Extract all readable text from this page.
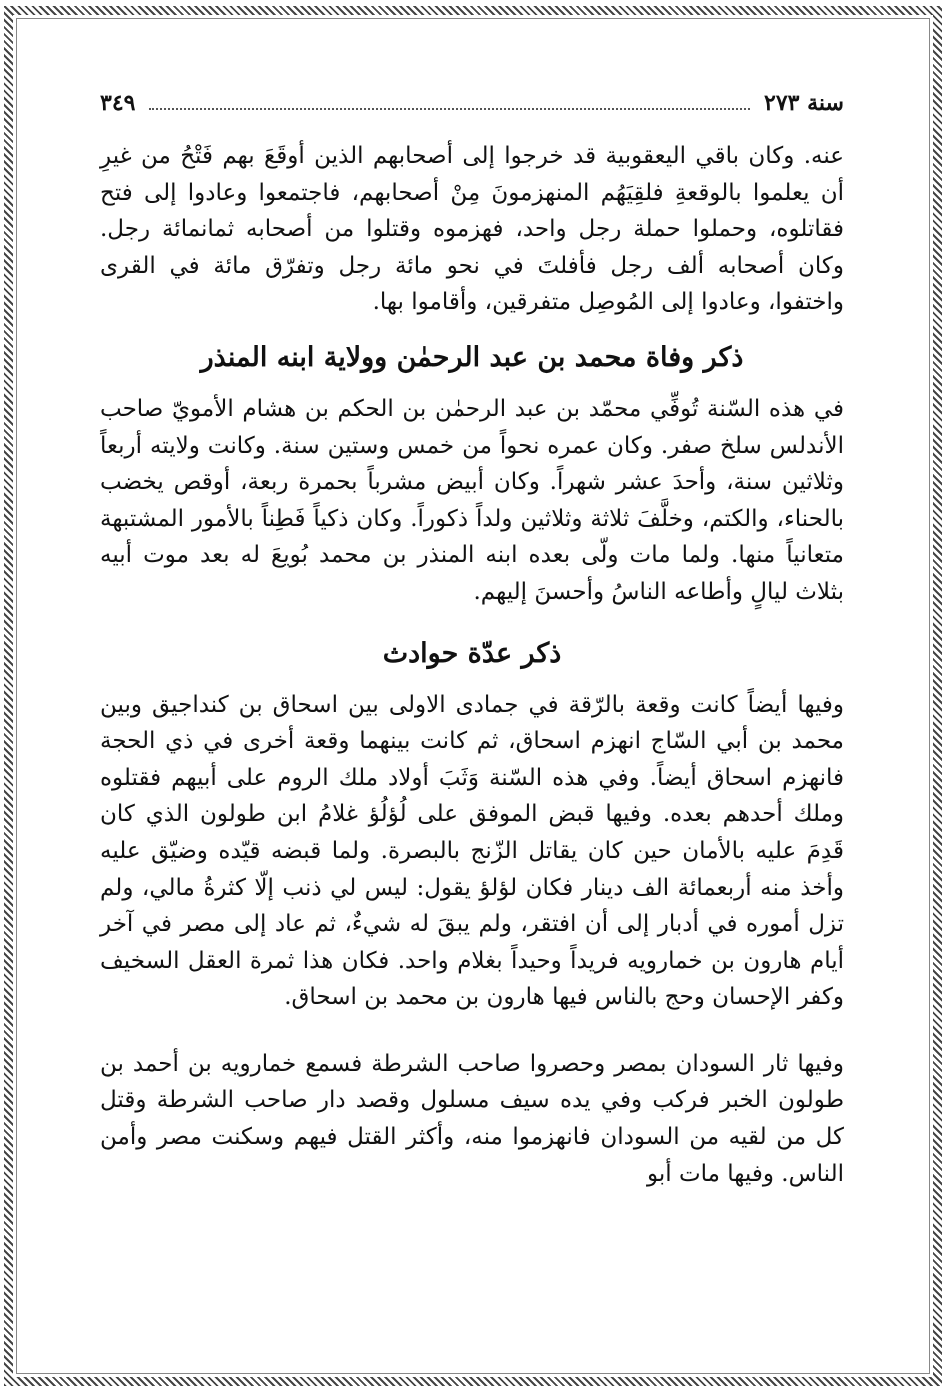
سنة ٢٧٣
٣٤٩

عنه. وكان باقي اليعقوبية قد خرجوا إلى أصحابهم الذين أوقَعَ بهم فَتْحُ من غيرِ أن يعلموا بالوقعةِ فلقِيَهُم المنهزمونَ مِنْ أصحابهم، فاجتمعوا وعادوا إلى فتح فقاتلوه، وحملوا حملة رجل واحد، فهزموه وقتلوا من أصحابه ثمانمائة رجل. وكان أصحابه ألف رجل فأفلتَ في نحو مائة رجل وتفرّق مائة في القرى واختفوا، وعادوا إلى المُوصِل متفرقين، وأقاموا بها.

ذكر وفاة محمد بن عبد الرحمٰن وولاية ابنه المنذر

في هذه السّنة تُوفِّي محمّد بن عبد الرحمٰن بن الحكم بن هشام الأمويّ صاحب الأندلس سلخ صفر. وكان عمره نحواً من خمس وستين سنة. وكانت ولايته أربعاً وثلاثين سنة، وأحدَ عشر شهراً. وكان أبيض مشرباً بحمرة ربعة، أوقص يخضب بالحناء، والكتم، وخلَّفَ ثلاثة وثلاثين ولداً ذكوراً. وكان ذكياً فَطِناً بالأمور المشتبهة متعانياً منها. ولما مات ولّى بعده ابنه المنذر بن محمد بُويعَ له بعد موت أبيه بثلاث ليالٍ وأطاعه الناسُ وأحسنَ إليهم.

ذكر عدّة حوادث

وفيها أيضاً كانت وقعة بالرّقة في جمادى الاولى بين اسحاق بن كنداجيق وبين محمد بن أبي السّاج انهزم اسحاق، ثم كانت بينهما وقعة أخرى في ذي الحجة فانهزم اسحاق أيضاً. وفي هذه السّنة وَثَبَ أولاد ملك الروم على أبيهم فقتلوه وملك أحدهم بعده. وفيها قبض الموفق على لُؤلُؤ غلامُ ابن طولون الذي كان قَدِمَ عليه بالأمان حين كان يقاتل الزّنج بالبصرة. ولما قبضه قيّده وضيّق عليه وأخذ منه أربعمائة الف دينار فكان لؤلؤ يقول: ليس لي ذنب إلّا كثرةُ مالي، ولم تزل أموره في أدبار إلى أن افتقر، ولم يبقَ له شيءٌ، ثم عاد إلى مصر في آخر أيام هارون بن خمارويه فريداً وحيداً بغلام واحد. فكان هذا ثمرة العقل السخيف وكفر الإحسان وحج بالناس فيها هارون بن محمد بن اسحاق.

وفيها ثار السودان بمصر وحصروا صاحب الشرطة فسمع خمارويه بن أحمد بن طولون الخبر فركب وفي يده سيف مسلول وقصد دار صاحب الشرطة وقتل كل من لقيه من السودان فانهزموا منه، وأكثر القتل فيهم وسكنت مصر وأمن الناس. وفيها مات أبو
